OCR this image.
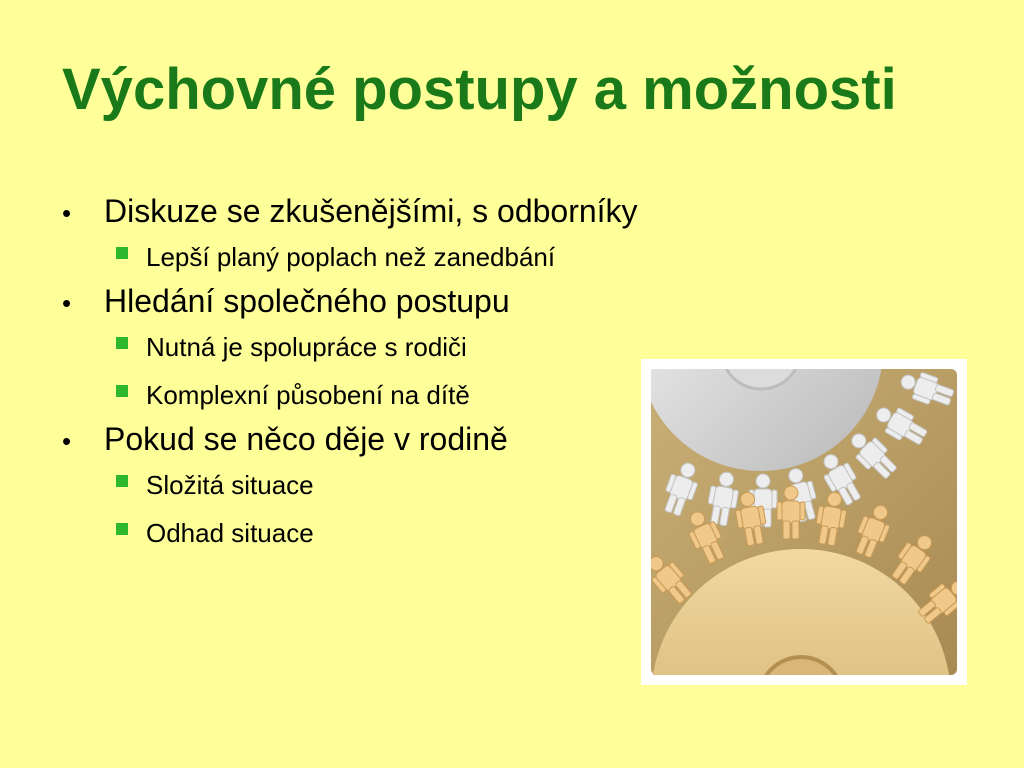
Výchovné postupy a možnosti
•	Diskuze se zkušenějšími, s odborníky
Lepší planý poplach než zanedbání
•	Hledání společného postupu
Nutná je spolupráce s rodiči
Komplexní působení na dítě
•	Pokud se něco děje v rodině
Složitá situace
Odhad situace
